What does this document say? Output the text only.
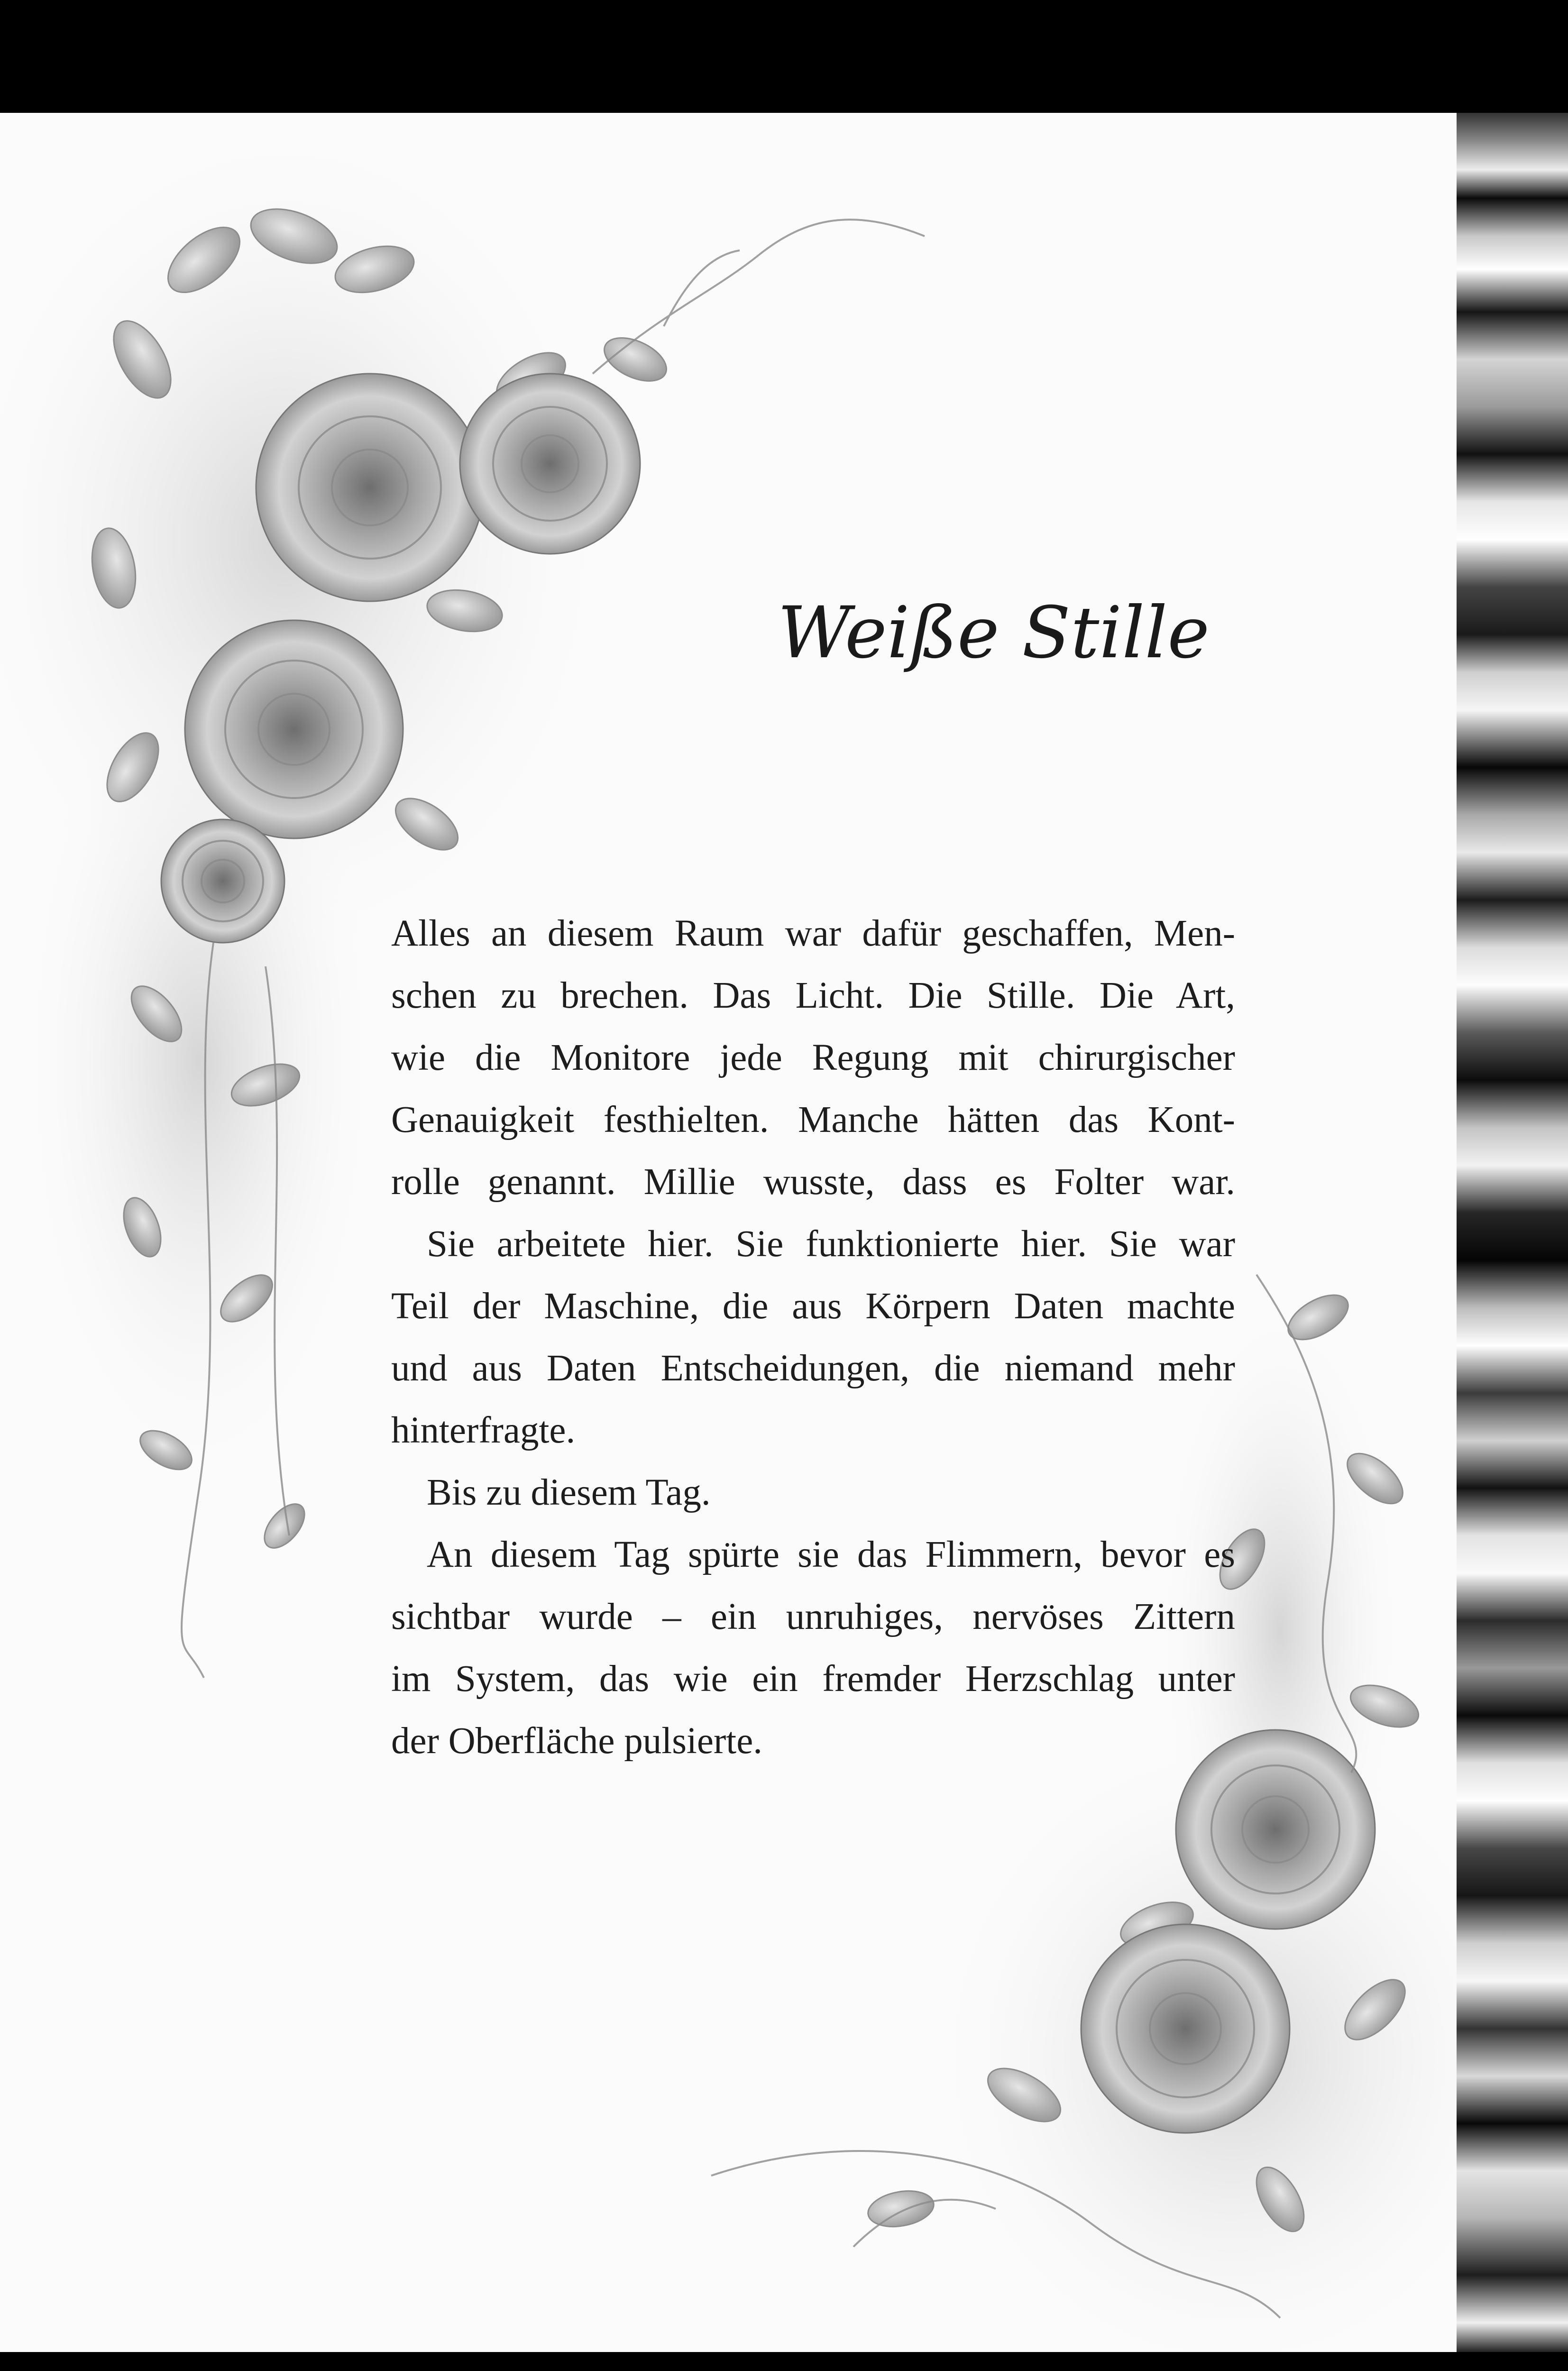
Weiße Stille

Alles an diesem Raum war dafür geschaffen, Men-
schen zu brechen. Das Licht. Die Stille. Die Art,
wie die Monitore jede Regung mit chirurgischer
Genauigkeit festhielten. Manche hätten das Kont-
rolle genannt. Millie wusste, dass es Folter war.

Sie arbeitete hier. Sie funktionierte hier. Sie war
Teil der Maschine, die aus Körpern Daten machte
und aus Daten Entscheidungen, die niemand mehr
hinterfragte.

Bis zu diesem Tag.

An diesem Tag spürte sie das Flimmern, bevor es
sichtbar wurde – ein unruhiges, nervöses Zittern
im System, das wie ein fremder Herzschlag unter
der Oberfläche pulsierte.
